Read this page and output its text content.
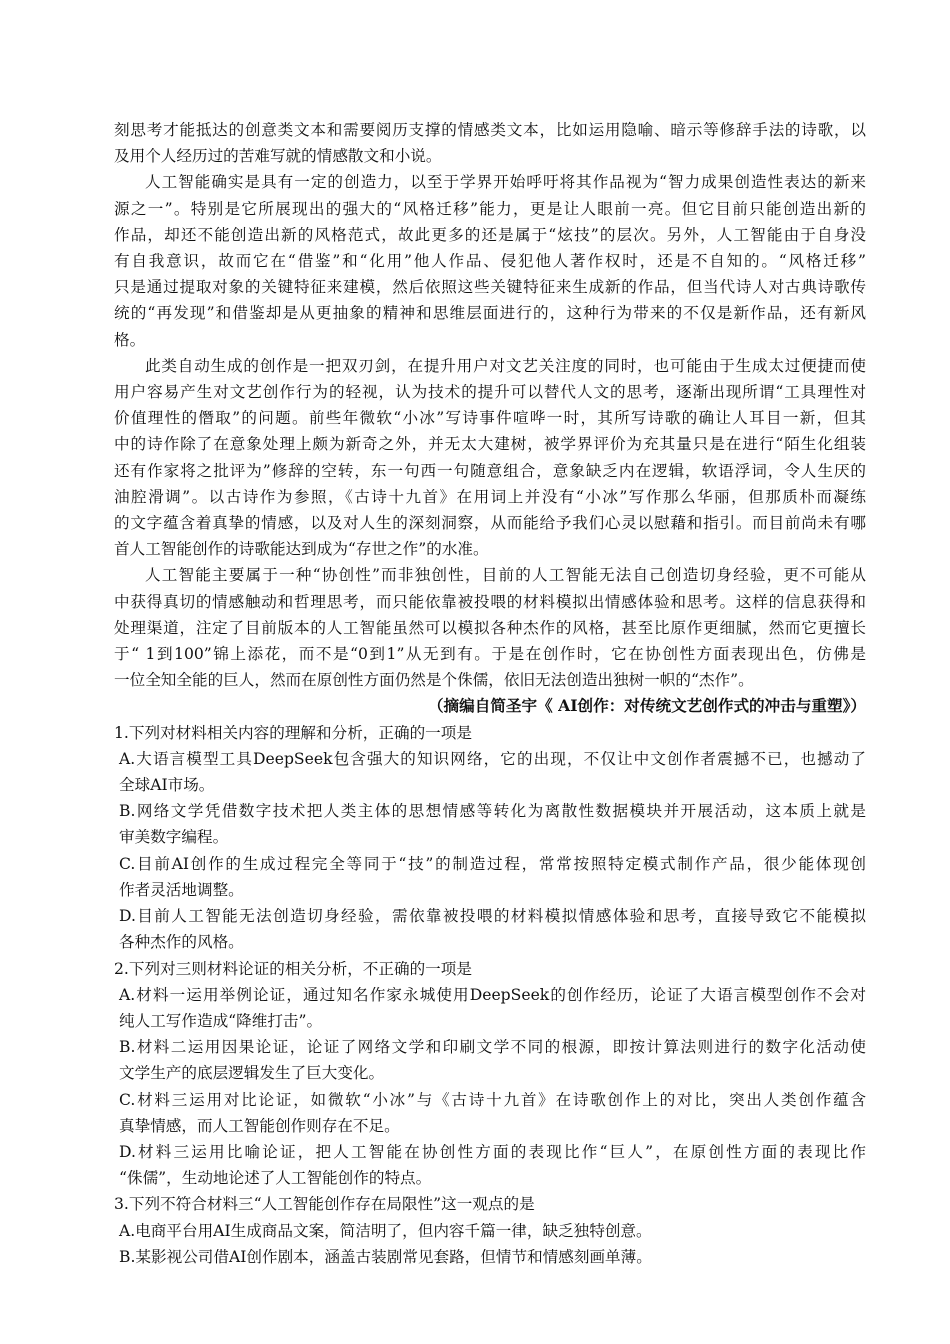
刻思考才能抵达的创意类文本和需要阅历支撑的情感类文本，比如运用隐喻、暗示等修辞手法的诗歌，以
及用个人经历过的苦难写就的情感散文和小说。
人工智能确实是具有一定的创造力，以至于学界开始呼吁将其作品视为“智力成果创造性表达的新来
源之一”。特别是它所展现出的强大的“风格迁移”能力，更是让人眼前一亮。但它目前只能创造出新的
作品，却还不能创造出新的风格范式，故此更多的还是属于“炫技”的层次。另外，人工智能由于自身没
有自我意识，故而它在“借鉴”和“化用”他人作品、侵犯他人著作权时，还是不自知的。“风格迁移”
只是通过提取对象的关键特征来建模，然后依照这些关键特征来生成新的作品，但当代诗人对古典诗歌传
统的“再发现”和借鉴却是从更抽象的精神和思维层面进行的，这种行为带来的不仅是新作品，还有新风
格。
此类自动生成的创作是一把双刃剑，在提升用户对文艺关注度的同时，也可能由于生成太过便捷而使
用户容易产生对文艺创作行为的轻视，认为技术的提升可以替代人文的思考，逐渐出现所谓“工具理性对
价值理性的僭取”的问题。前些年微软“小冰”写诗事件喧哗一时，其所写诗歌的确让人耳目一新，但其
中的诗作除了在意象处理上颇为新奇之外，并无太大建树，被学界评价为充其量只是在进行“陌生化组装
还有作家将之批评为”修辞的空转，东一句西一句随意组合，意象缺乏内在逻辑，软语浮词，令人生厌的
油腔滑调”。以古诗作为参照，《古诗十九首》在用词上并没有“小冰”写作那么华丽，但那质朴而凝练
的文字蕴含着真挚的情感，以及对人生的深刻洞察，从而能给予我们心灵以慰藉和指引。而目前尚未有哪
首人工智能创作的诗歌能达到成为“存世之作”的水准。
人工智能主要属于一种“协创性”而非独创性，目前的人工智能无法自己创造切身经验，更不可能从
中获得真切的情感触动和哲理思考，而只能依靠被投喂的材料模拟出情感体验和思考。这样的信息获得和
处理渠道，注定了目前版本的人工智能虽然可以模拟各种杰作的风格，甚至比原作更细腻，然而它更擅长
于“ 1到100”锦上添花，而不是“0到1”从无到有。于是在创作时，它在协创性方面表现出色，仿佛是
一位全知全能的巨人，然而在原创性方面仍然是个侏儒，依旧无法创造出独树一帜的“杰作”。
（摘编自简圣宇《 AI创作：对传统文艺创作式的冲击与重塑》）
1.下列对材料相关内容的理解和分析，正确的一项是
A.大语言模型工具DeepSeek包含强大的知识网络，它的出现，不仅让中文创作者震撼不已，也撼动了
全球AI市场。
B.网络文学凭借数字技术把人类主体的思想情感等转化为离散性数据模块并开展活动，这本质上就是
审美数字编程。
C.目前AI创作的生成过程完全等同于“技”的制造过程，常常按照特定模式制作产品，很少能体现创
作者灵活地调整。
D.目前人工智能无法创造切身经验，需依靠被投喂的材料模拟情感体验和思考，直接导致它不能模拟
各种杰作的风格。
2.下列对三则材料论证的相关分析，不正确的一项是
A.材料一运用举例论证，通过知名作家永城使用DeepSeek的创作经历，论证了大语言模型创作不会对
纯人工写作造成“降维打击”。
B.材料二运用因果论证，论证了网络文学和印刷文学不同的根源，即按计算法则进行的数字化活动使
文学生产的底层逻辑发生了巨大变化。
C.材料三运用对比论证，如微软“小冰”与《古诗十九首》在诗歌创作上的对比，突出人类创作蕴含
真挚情感，而人工智能创作则存在不足。
D.材料三运用比喻论证，把人工智能在协创性方面的表现比作“巨人”，在原创性方面的表现比作
“侏儒”，生动地论述了人工智能创作的特点。
3.下列不符合材料三“人工智能创作存在局限性”这一观点的是
A.电商平台用AI生成商品文案，简洁明了，但内容千篇一律，缺乏独特创意。
B.某影视公司借AI创作剧本，涵盖古装剧常见套路，但情节和情感刻画单薄。
